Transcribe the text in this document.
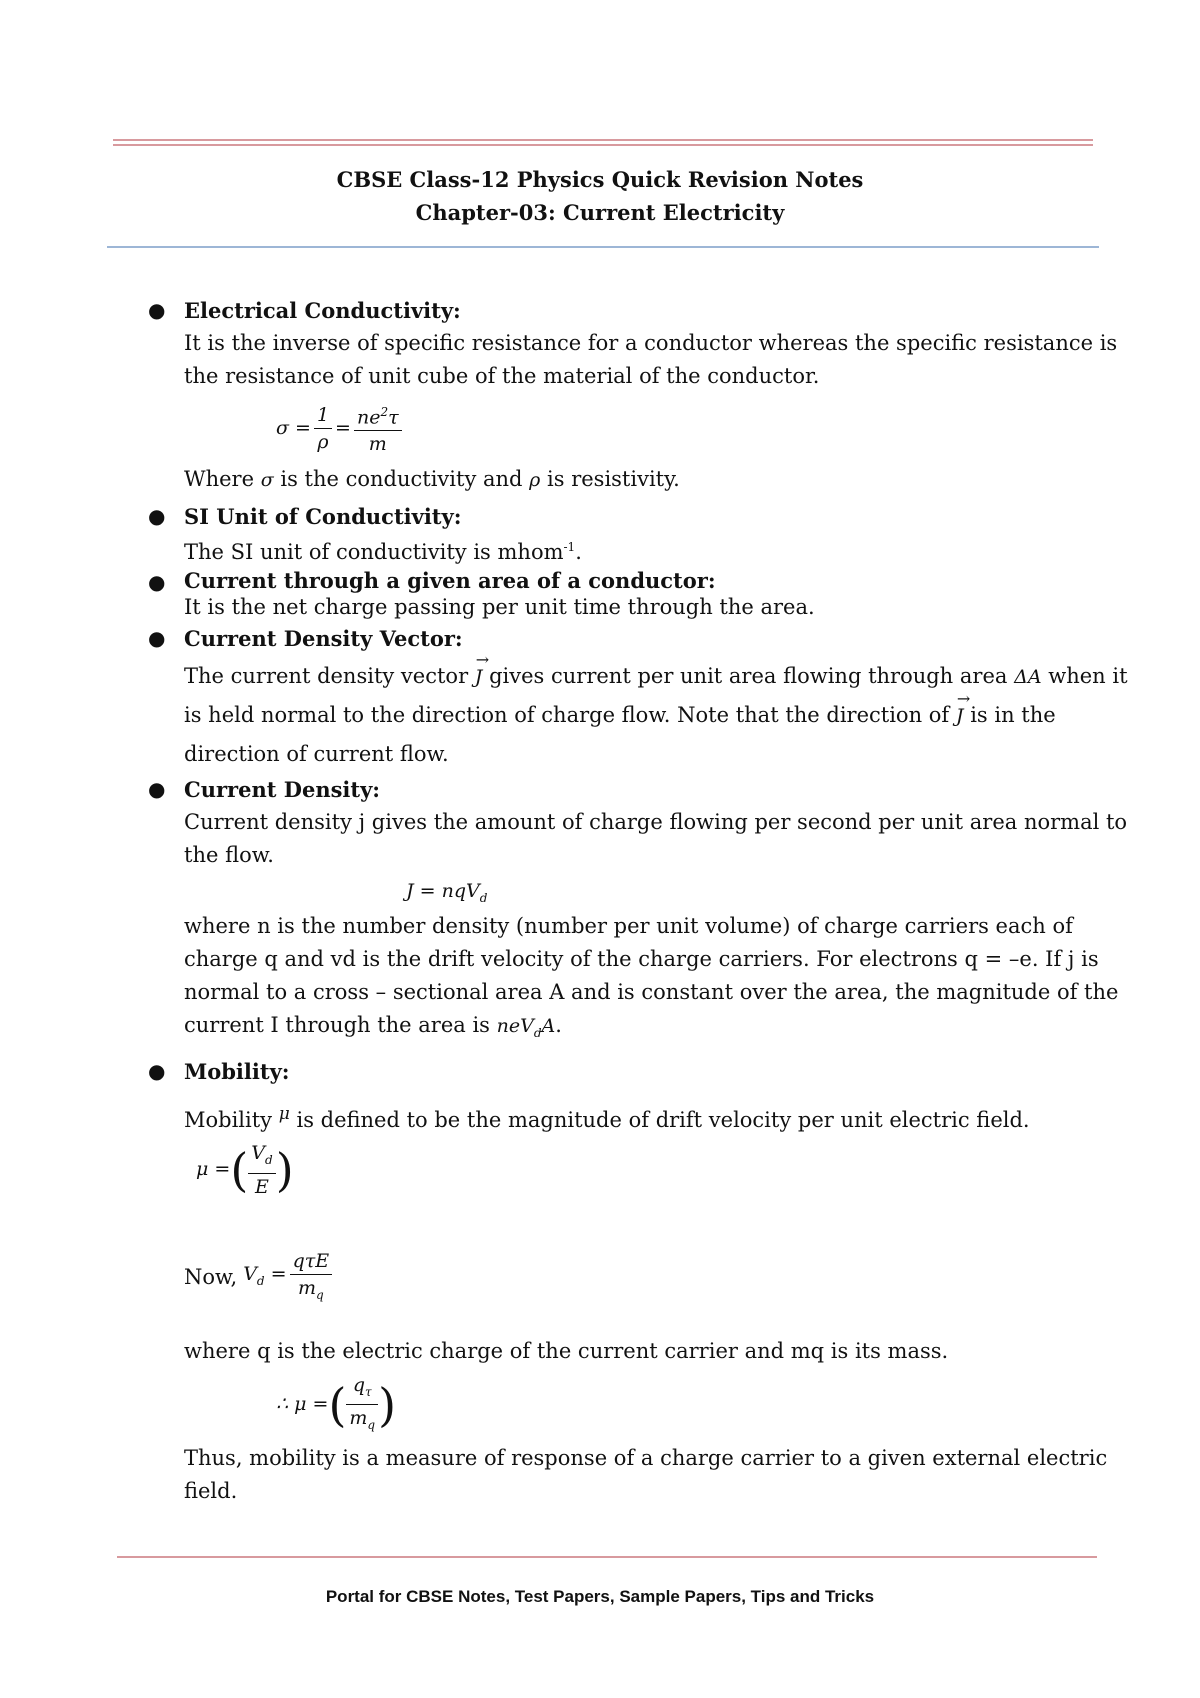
CBSE Class-12 Physics Quick Revision Notes
Chapter-03: Current Electricity
● Electrical Conductivity:

It is the inverse of specific resistance for a conductor whereas the specific resistance is the resistance of unit cube of the material of the conductor.

$\sigma = \frac{1}{\rho} = \frac{ne^2\tau}{m}$

Where σ is the conductivity and ρ is resistivity.

● SI Unit of Conductivity:

The SI unit of conductivity is mhom$^{-1}$.

● Current through a given area of a conductor:

It is the net charge passing per unit time through the area.

● Current Density Vector:

The current density vector → J gives current per unit area flowing through area ΔA when it is held normal to the direction of charge flow. Note that the direction of → J is in the direction of current flow.

● Current Density:

Current density j gives the amount of charge flowing per second per unit area normal to the flow.

J = nqV$_d$

where n is the number density (number per unit volume) of charge carriers each of charge q and vd is the drift velocity of the charge carriers. For electrons q = –e. If j is normal to a cross – sectional area A and is constant over the area, the magnitude of the current I through the area is neV$_d$A.

● Mobility:

Mobility $^\mu$ is defined to be the magnitude of drift velocity per unit electric field.

μ = ( $\frac{V_d}{E}$ )
Now, $V_d = \frac{\text{qτE}}{m_q}$

where q is the electric charge of the current carrier and mq is its mass.

∴ μ = ( $\frac{q_\tau}{m_q}$ )

Thus, mobility is a measure of response of a charge carrier to a given external electric field.

Portal for CBSE Notes, Test Papers, Sample Papers, Tips and Tricks
